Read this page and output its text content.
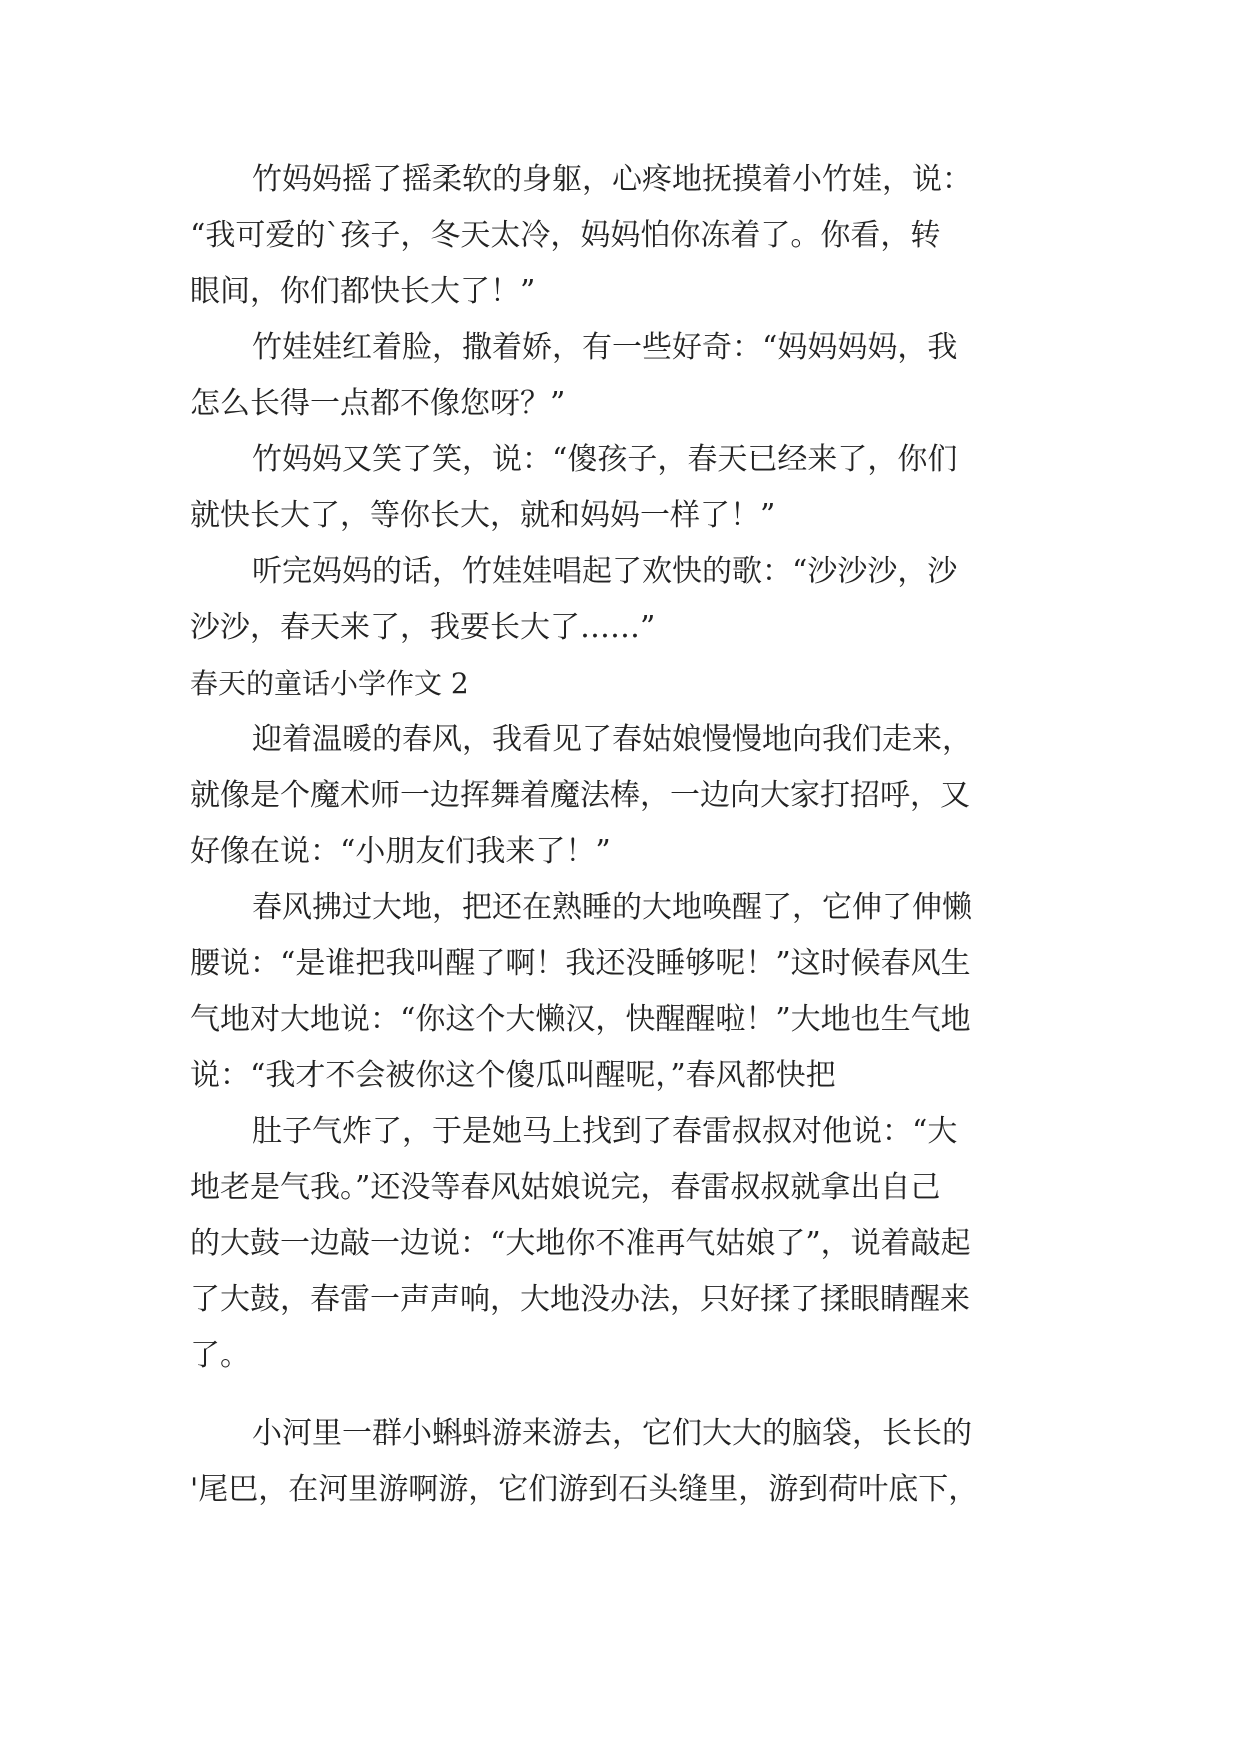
竹妈妈摇了摇柔软的身躯，心疼地抚摸着小竹娃，说：
“我可爱的`孩子，冬天太冷，妈妈怕你冻着了。你看，转
眼间，你们都快长大了！”
竹娃娃红着脸，撒着娇，有一些好奇：“妈妈妈妈，我
怎么长得一点都不像您呀？”
竹妈妈又笑了笑，说：“傻孩子，春天已经来了，你们
就快长大了，等你长大，就和妈妈一样了！”
听完妈妈的话，竹娃娃唱起了欢快的歌：“沙沙沙，沙
沙沙，春天来了，我要长大了……”
春天的童话小学作文 2
迎着温暖的春风，我看见了春姑娘慢慢地向我们走来，
就像是个魔术师一边挥舞着魔法棒，一边向大家打招呼，又
好像在说：“小朋友们我来了！”
春风拂过大地，把还在熟睡的大地唤醒了，它伸了伸懒
腰说：“是谁把我叫醒了啊！我还没睡够呢！”这时候春风生
气地对大地说：“你这个大懒汉，快醒醒啦！”大地也生气地
说：“我才不会被你这个傻瓜叫醒呢，”春风都快把
肚子气炸了，于是她马上找到了春雷叔叔对他说：“大
地老是气我。”还没等春风姑娘说完，春雷叔叔就拿出自己
的大鼓一边敲一边说：“大地你不准再气姑娘了”，说着敲起
了大鼓，春雷一声声响，大地没办法，只好揉了揉眼睛醒来
了。
小河里一群小蝌蚪游来游去，它们大大的脑袋，长长的
'尾巴，在河里游啊游，它们游到石头缝里，游到荷叶底下，
